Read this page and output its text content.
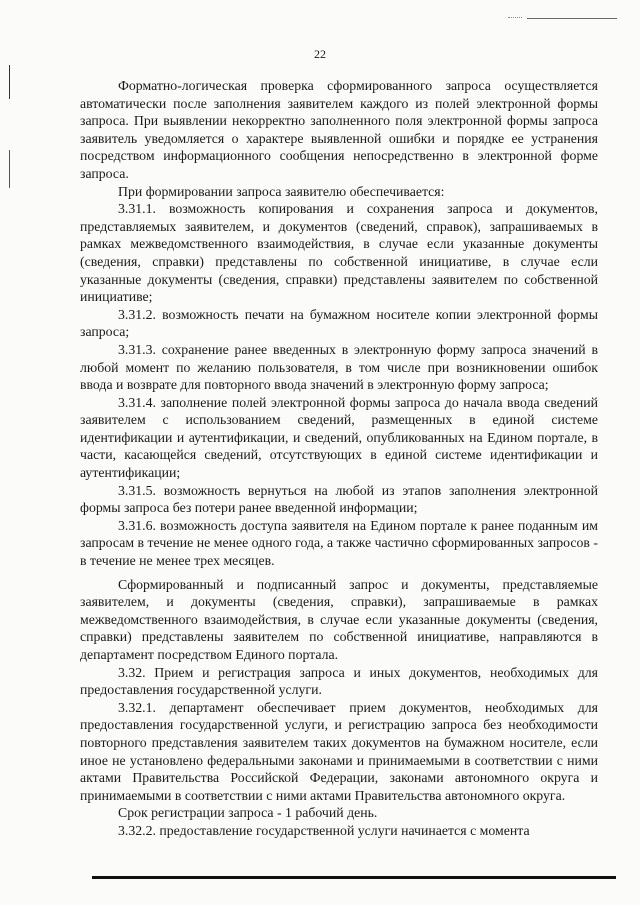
22

Форматно-логическая проверка сформированного запроса осуществляется автоматически после заполнения заявителем каждого из полей электронной формы запроса. При выявлении некорректно заполненного поля электронной формы запроса заявитель уведомляется о характере выявленной ошибки и порядке ее устранения посредством информационного сообщения непосредственно в электронной форме запроса.

При формировании запроса заявителю обеспечивается:

3.31.1. возможность копирования и сохранения запроса и документов, представляемых заявителем, и документов (сведений, справок), запрашиваемых в рамках межведомственного взаимодействия, в случае если указанные документы (сведения, справки) представлены по собственной инициативе, в случае если указанные документы (сведения, справки) представлены заявителем по собственной инициативе;

3.31.2. возможность печати на бумажном носителе копии электронной формы запроса;

3.31.3. сохранение ранее введенных в электронную форму запроса значений в любой момент по желанию пользователя, в том числе при возникновении ошибок ввода и возврате для повторного ввода значений в электронную форму запроса;

3.31.4. заполнение полей электронной формы запроса до начала ввода сведений заявителем с использованием сведений, размещенных в единой системе идентификации и аутентификации, и сведений, опубликованных на Едином портале, в части, касающейся сведений, отсутствующих в единой системе идентификации и аутентификации;

3.31.5. возможность вернуться на любой из этапов заполнения электронной формы запроса без потери ранее введенной информации;

3.31.6. возможность доступа заявителя на Едином портале к ранее поданным им запросам в течение не менее одного года, а также частично сформированных запросов - в течение не менее трех месяцев.

Сформированный и подписанный запрос и документы, представляемые заявителем, и документы (сведения, справки), запрашиваемые в рамках межведомственного взаимодействия, в случае если указанные документы (сведения, справки) представлены заявителем по собственной инициативе, направляются в департамент посредством Единого портала.

3.32. Прием и регистрация запроса и иных документов, необходимых для предоставления государственной услуги.

3.32.1. департамент обеспечивает прием документов, необходимых для предоставления государственной услуги, и регистрацию запроса без необходимости повторного представления заявителем таких документов на бумажном носителе, если иное не установлено федеральными законами и принимаемыми в соответствии с ними актами Правительства Российской Федерации, законами автономного округа и принимаемыми в соответствии с ними актами Правительства автономного округа.

Срок регистрации запроса - 1 рабочий день.

3.32.2. предоставление государственной услуги начинается с момента
